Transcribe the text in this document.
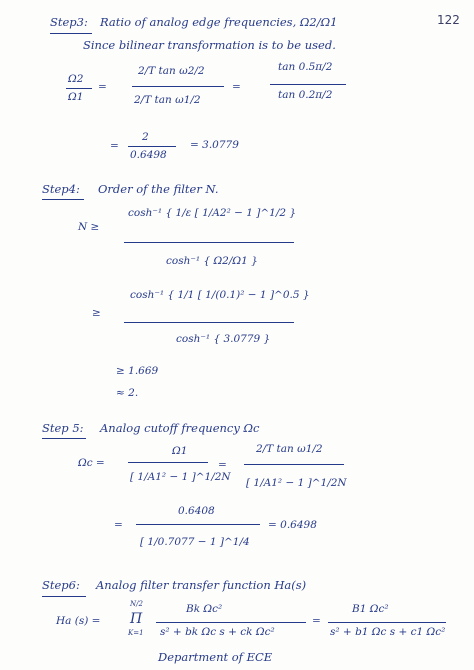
122
Step3: Ratio of analog edge frequencies, Ω2/Ω1
Since bilinear transformation is to be used.
Ω2
Ω1
=
2/T tan ω2/2
2/T tan ω1/2
=
tan 0.5π/2
tan 0.2π/2
=
2
0.6498
= 3.0779
Step4: Order of the filter N.
N ≥
cosh⁻¹ { 1/ε [ 1/A2² − 1 ]^1/2 }
cosh⁻¹ { Ω2/Ω1 }
≥
cosh⁻¹ { 1/1 [ 1/(0.1)² − 1 ]^0.5 }
cosh⁻¹ { 3.0779 }
≥ 1.669
≈ 2.
Step 5: Analog cutoff frequency Ωc
Ωc =
Ω1
[ 1/A1² − 1 ]^1/2N
=
2/T tan ω1/2
[ 1/A1² − 1 ]^1/2N
=
0.6408
[ 1/0.7077 − 1 ]^1/4
= 0.6498
Step6: Analog filter transfer function Ha(s)
Ha (s) =
N/2
Π
K=1
Bk Ωc²
s² + bk Ωc s + ck Ωc²
=
B1 Ωc²
s² + b1 Ωc s + c1 Ωc²
Department of ECE
